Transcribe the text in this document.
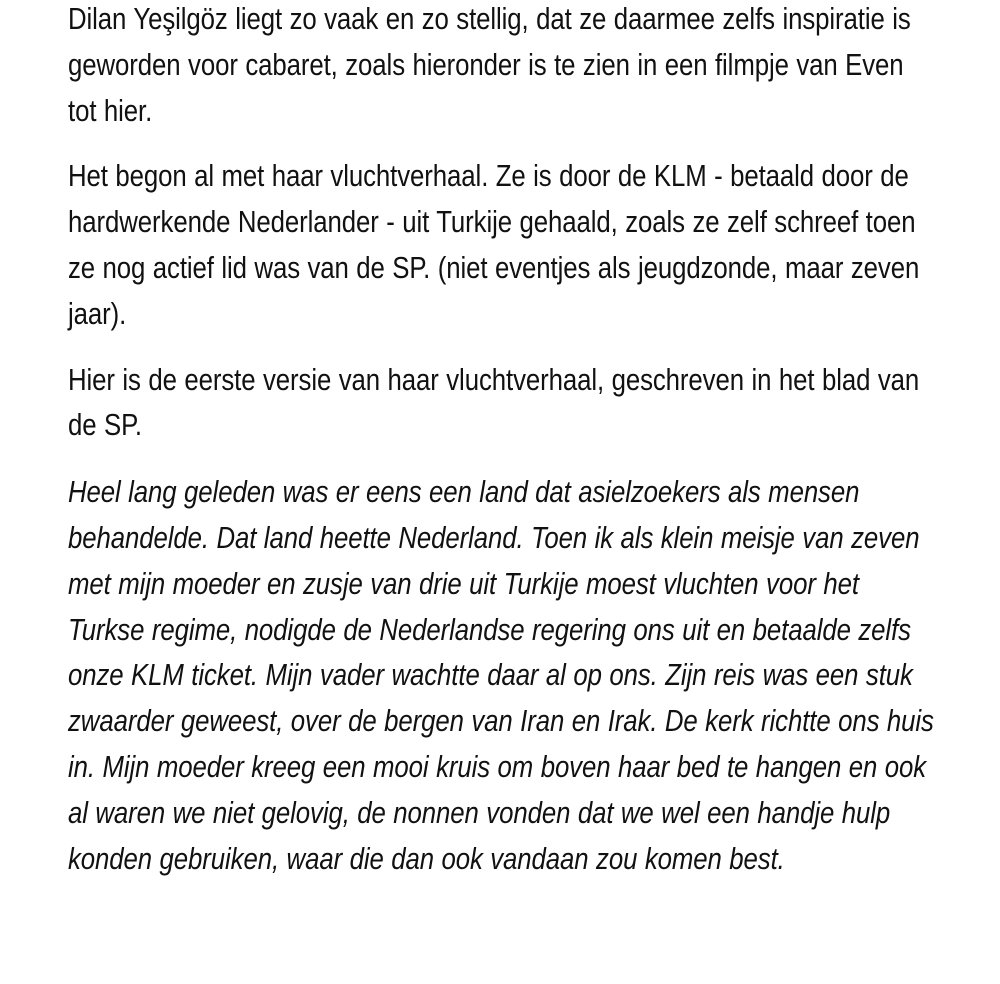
Dilan Yeşilgöz liegt zo vaak en zo stellig, dat ze daarmee zelfs inspiratie is geworden voor cabaret, zoals hieronder is te zien in een filmpje van Even tot hier.

Het begon al met haar vluchtverhaal. Ze is door de KLM - betaald door de hardwerkende Nederlander - uit Turkije gehaald, zoals ze zelf schreef toen ze nog actief lid was van de SP. (niet eventjes als jeugdzonde, maar zeven jaar).

Hier is de eerste versie van haar vluchtverhaal, geschreven in het blad van de SP.

Heel lang geleden was er eens een land dat asielzoekers als mensen behandelde. Dat land heette Nederland. Toen ik als klein meisje van zeven met mijn moeder en zusje van drie uit Turkije moest vluchten voor het Turkse regime, nodigde de Nederlandse regering ons uit en betaalde zelfs onze KLM ticket. Mijn vader wachtte daar al op ons. Zijn reis was een stuk zwaarder geweest, over de bergen van Iran en Irak. De kerk richtte ons huis in. Mijn moeder kreeg een mooi kruis om boven haar bed te hangen en ook al waren we niet gelovig, de nonnen vonden dat we wel een handje hulp konden gebruiken, waar die dan ook vandaan zou komen best.
